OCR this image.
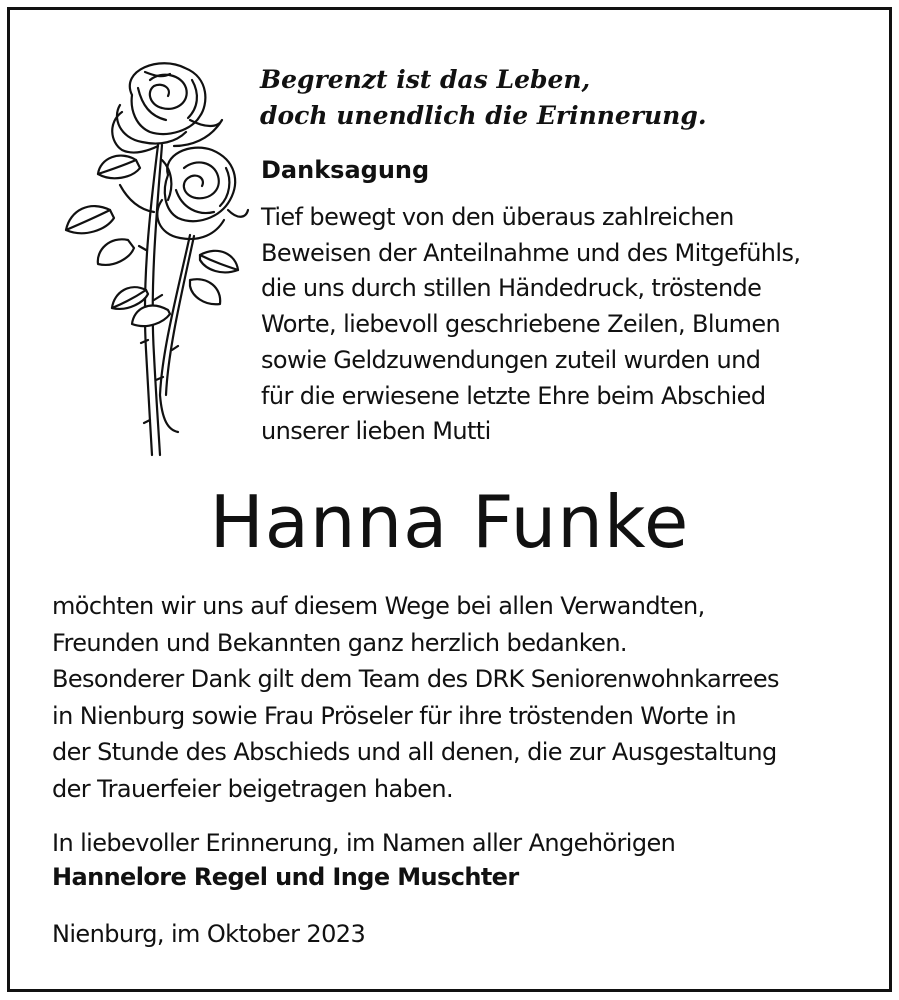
Begrenzt ist das Leben,
doch unendlich die Erinnerung.
Danksagung
Tief bewegt von den überaus zahlreichen
Beweisen der Anteilnahme und des Mitgefühls,
die uns durch stillen Händedruck, tröstende
Worte, liebevoll geschriebene Zeilen, Blumen
sowie Geldzuwendungen zuteil wurden und
für die erwiesene letzte Ehre beim Abschied
unserer lieben Mutti
Hanna Funke
möchten wir uns auf diesem Wege bei allen Verwandten,
Freunden und Bekannten ganz herzlich bedanken.
Besonderer Dank gilt dem Team des DRK Seniorenwohnkarrees
in Nienburg sowie Frau Pröseler für ihre tröstenden Worte in
der Stunde des Abschieds und all denen, die zur Ausgestaltung
der Trauerfeier beigetragen haben.
In liebevoller Erinnerung, im Namen aller Angehörigen
Hannelore Regel und Inge Muschter
Nienburg, im Oktober 2023
